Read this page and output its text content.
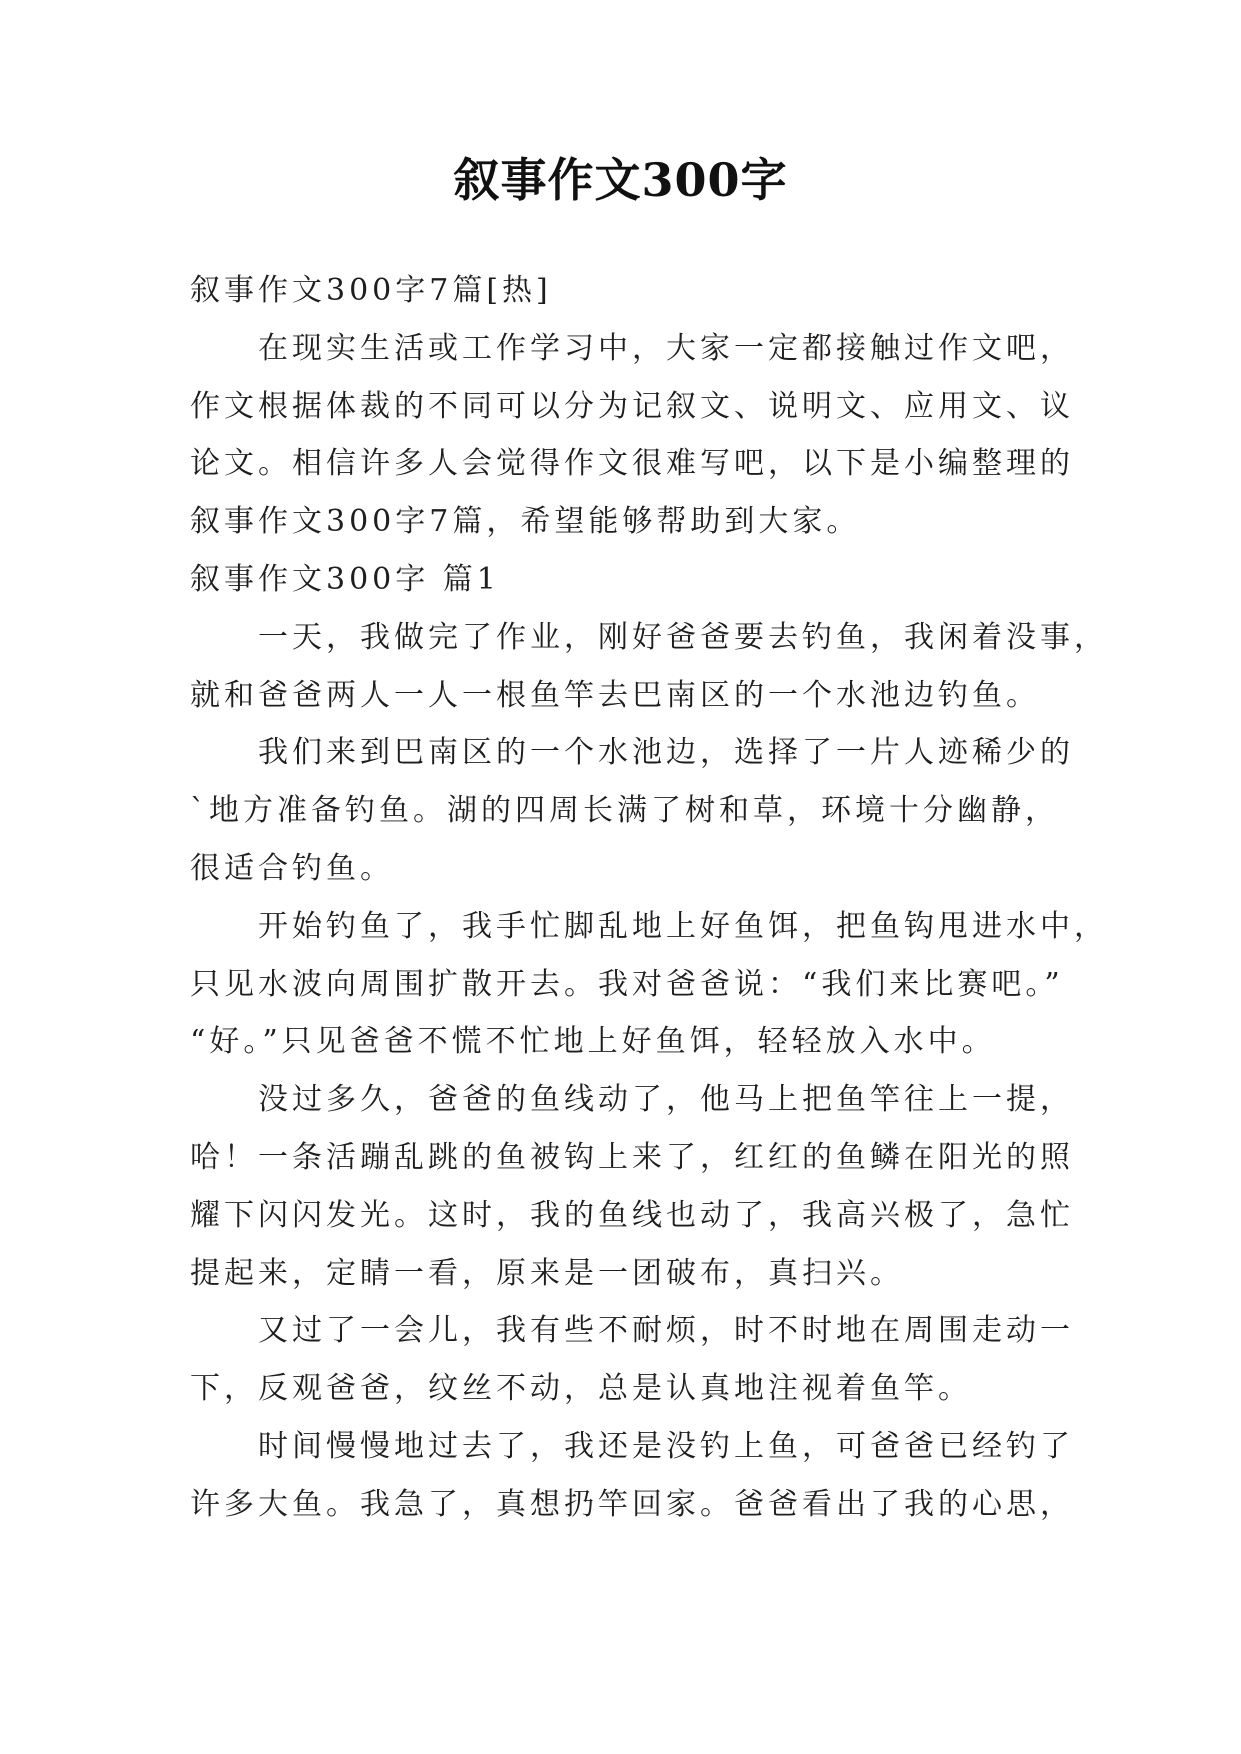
叙事作文300字
叙事作文300字7篇[热]
在现实生活或工作学习中，大家一定都接触过作文吧，
作文根据体裁的不同可以分为记叙文、说明文、应用文、议
论文。相信许多人会觉得作文很难写吧，以下是小编整理的
叙事作文300字7篇，希望能够帮助到大家。
叙事作文300字 篇1
一天，我做完了作业，刚好爸爸要去钓鱼，我闲着没事，
就和爸爸两人一人一根鱼竿去巴南区的一个水池边钓鱼。
我们来到巴南区的一个水池边，选择了一片人迹稀少的
`地方准备钓鱼。湖的四周长满了树和草，环境十分幽静，
很适合钓鱼。
开始钓鱼了，我手忙脚乱地上好鱼饵，把鱼钩甩进水中，
只见水波向周围扩散开去。我对爸爸说：“我们来比赛吧。”
“好。”只见爸爸不慌不忙地上好鱼饵，轻轻放入水中。
没过多久，爸爸的鱼线动了，他马上把鱼竿往上一提，
哈！一条活蹦乱跳的鱼被钩上来了，红红的鱼鳞在阳光的照
耀下闪闪发光。这时，我的鱼线也动了，我高兴极了，急忙
提起来，定睛一看，原来是一团破布，真扫兴。
又过了一会儿，我有些不耐烦，时不时地在周围走动一
下，反观爸爸，纹丝不动，总是认真地注视着鱼竿。
时间慢慢地过去了，我还是没钓上鱼，可爸爸已经钓了
许多大鱼。我急了，真想扔竿回家。爸爸看出了我的心思，
